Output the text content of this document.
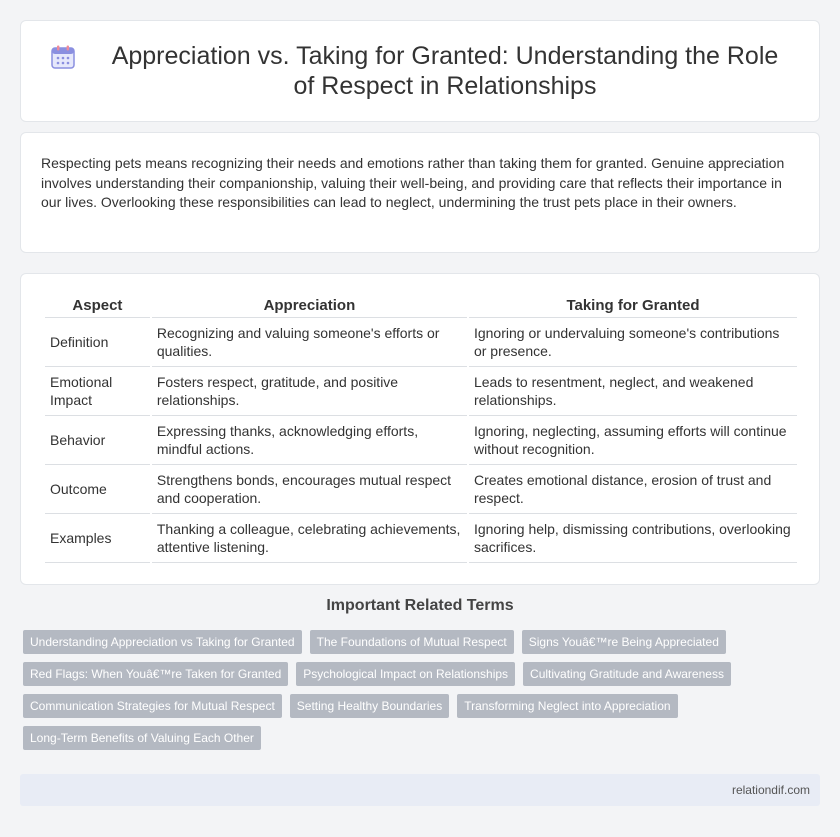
Appreciation vs. Taking for Granted: Understanding the Role of Respect in Relationships

Respecting pets means recognizing their needs and emotions rather than taking them for granted. Genuine appreciation involves understanding their companionship, valuing their well-being, and providing care that reflects their importance in our lives. Overlooking these responsibilities can lead to neglect, undermining the trust pets place in their owners.

Aspect	Appreciation	Taking for Granted
Definition	Recognizing and valuing someone's efforts or qualities.	Ignoring or undervaluing someone's contributions or presence.
Emotional Impact	Fosters respect, gratitude, and positive relationships.	Leads to resentment, neglect, and weakened relationships.
Behavior	Expressing thanks, acknowledging efforts, mindful actions.	Ignoring, neglecting, assuming efforts will continue without recognition.
Outcome	Strengthens bonds, encourages mutual respect and cooperation.	Creates emotional distance, erosion of trust and respect.
Examples	Thanking a colleague, celebrating achievements, attentive listening.	Ignoring help, dismissing contributions, overlooking sacrifices.
Important Related Terms
Understanding Appreciation vs Taking for Granted	The Foundations of Mutual Respect	Signs Youâ€™re Being Appreciated
Red Flags: When Youâ€™re Taken for Granted	Psychological Impact on Relationships	Cultivating Gratitude and Awareness
Communication Strategies for Mutual Respect	Setting Healthy Boundaries	Transforming Neglect into Appreciation
Long-Term Benefits of Valuing Each Other
relationdif.com
